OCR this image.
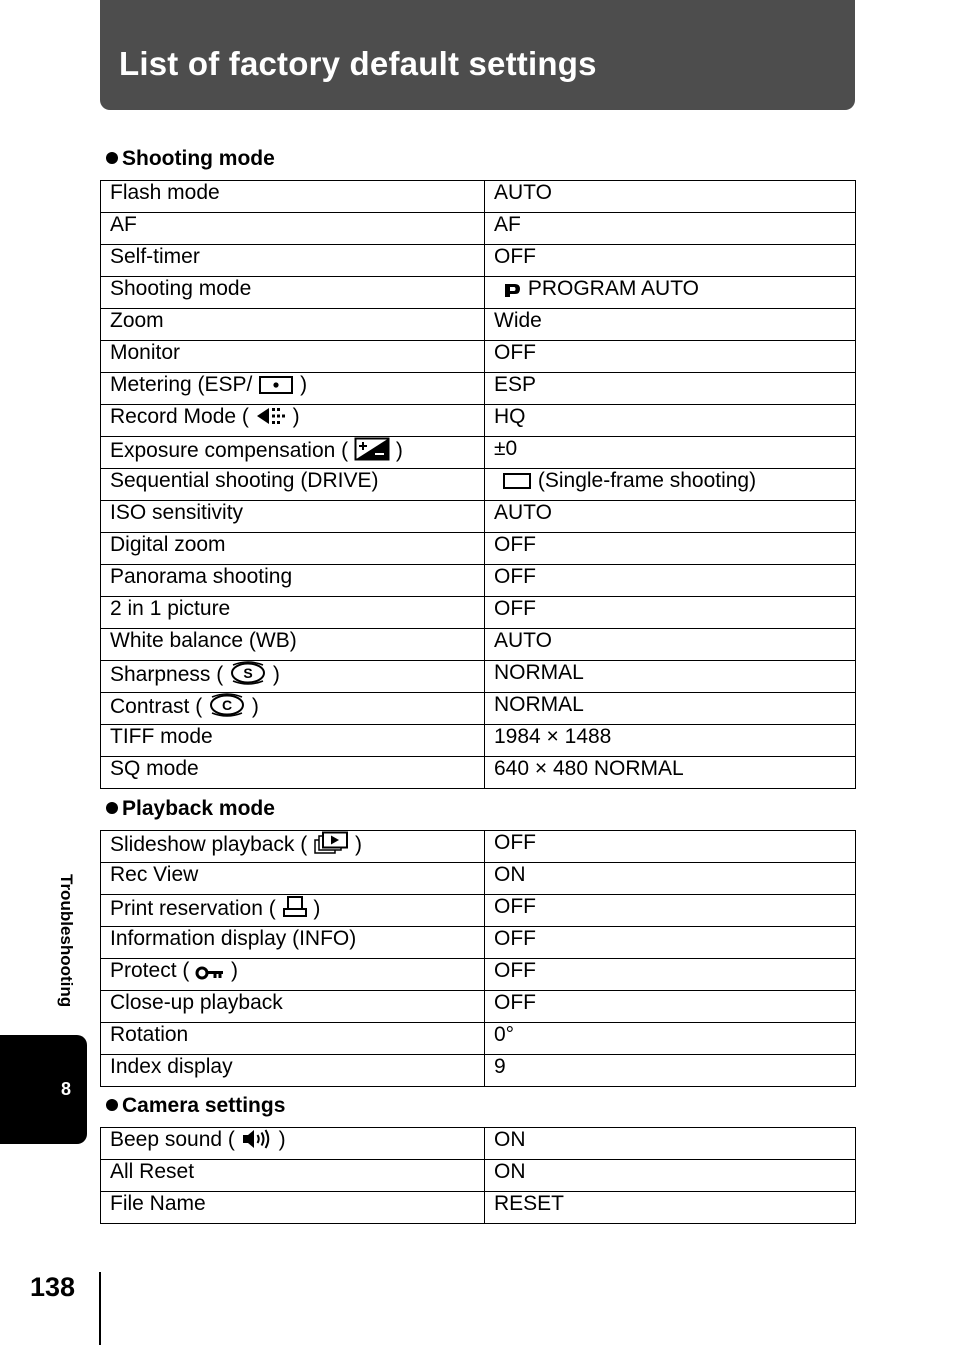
List of factory default settings
Shooting mode
Flash mode	AUTO
AF	AF
Self-timer	OFF
Shooting mode	PROGRAM AUTO
Zoom	Wide
Monitor	OFF
Metering (ESP/ )	ESP
Record Mode ( )	HQ
Exposure compensation ( )	±0
Sequential shooting (DRIVE)	(Single-frame shooting)
ISO sensitivity	AUTO
Digital zoom	OFF
Panorama shooting	OFF
2 in 1 picture	OFF
White balance (WB)	AUTO
Sharpness ( S )	NORMAL
Contrast ( C )	NORMAL
TIFF mode	1984 × 1488
SQ mode	640 × 480 NORMAL
Playback mode
Slideshow playback ( )	OFF
Rec View	ON
Print reservation ( )	OFF
Information display (INFO)	OFF
Protect ( )	OFF
Close-up playback	OFF
Rotation	0°
Index display	9
Camera settings
Beep sound ( )	ON
All Reset	ON
File Name	RESET
Troubleshooting
8
138
